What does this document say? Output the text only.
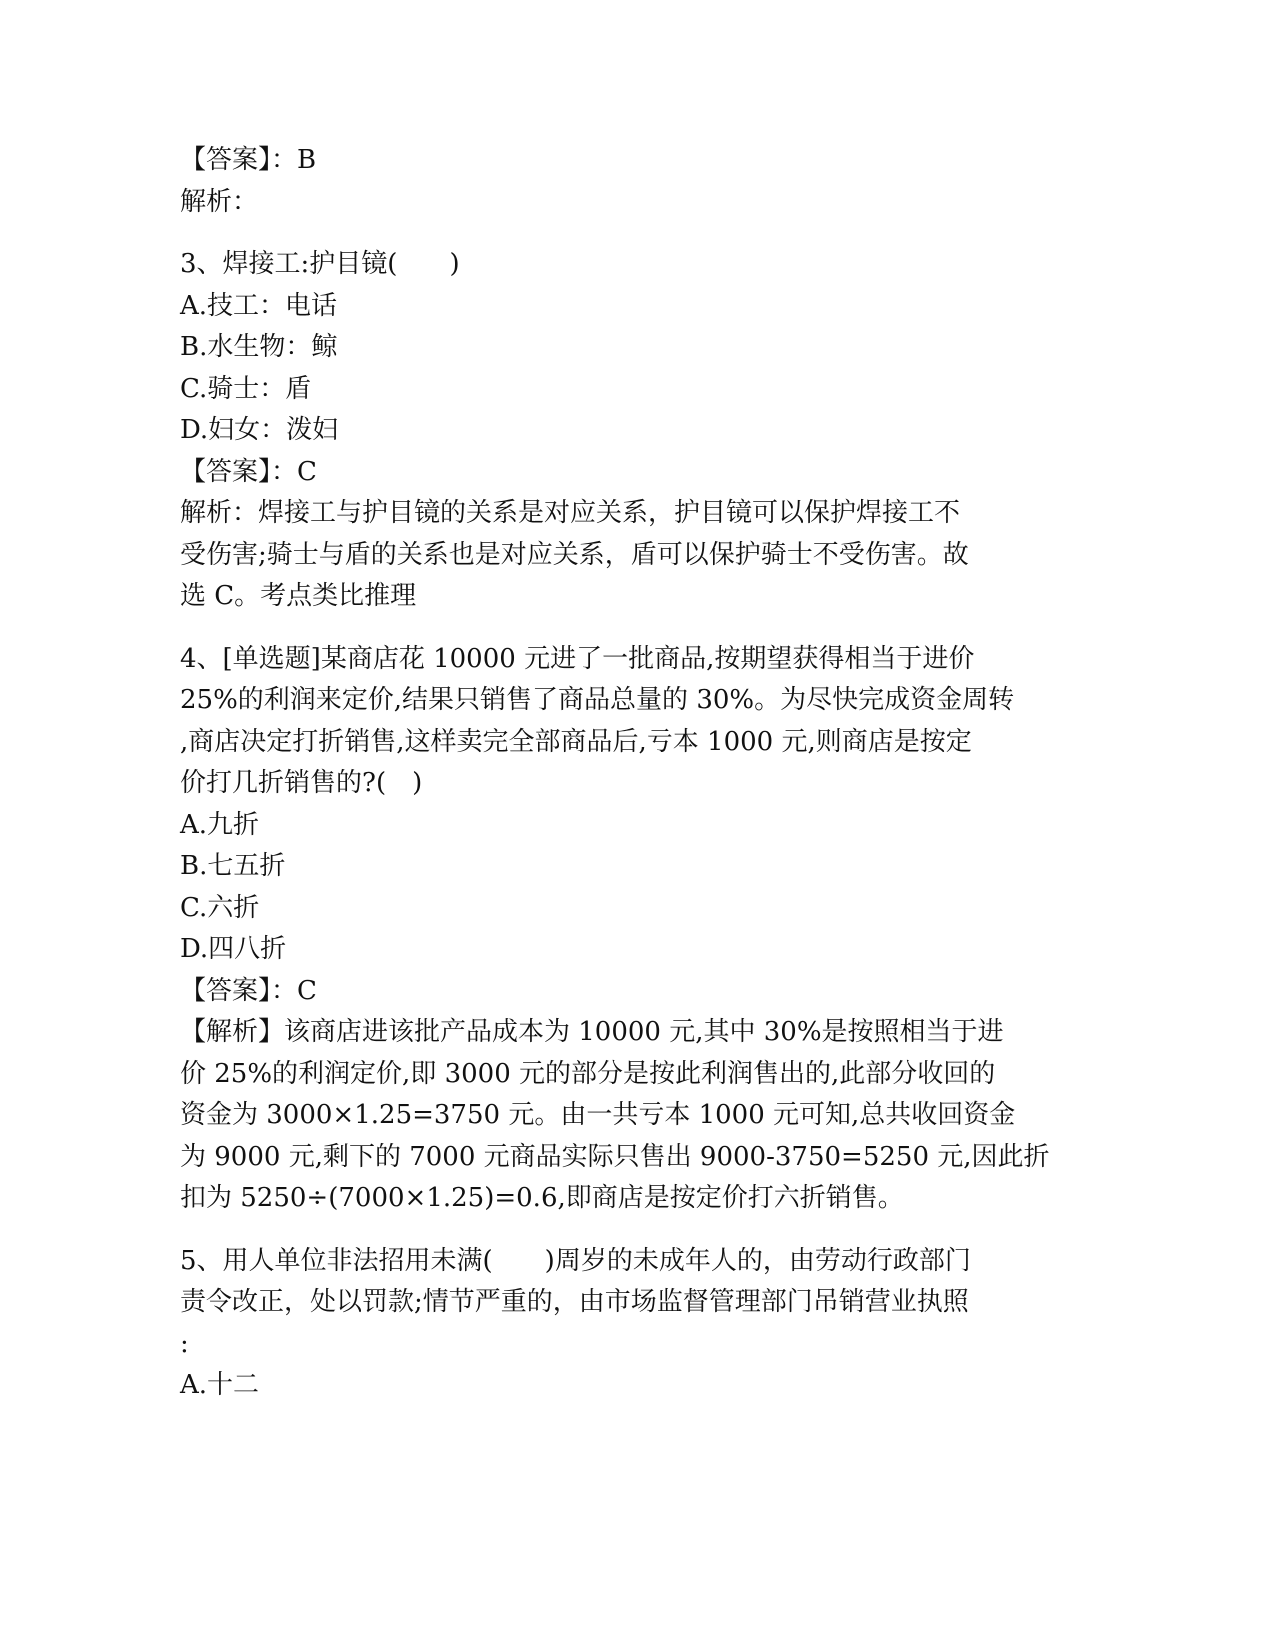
【答案】：B
解析：
3、焊接工:护目镜(　　)
A.技工：电话
B.水生物：鲸
C.骑士：盾
D.妇女：泼妇
【答案】：C
解析：焊接工与护目镜的关系是对应关系，护目镜可以保护焊接工不
受伤害;骑士与盾的关系也是对应关系，盾可以保护骑士不受伤害。故
选 C。考点类比推理
4、[单选题]某商店花 10000 元进了一批商品,按期望获得相当于进价
25%的利润来定价,结果只销售了商品总量的 30%。为尽快完成资金周转
,商店决定打折销售,这样卖完全部商品后,亏本 1000 元,则商店是按定
价打几折销售的?(　)
A.九折
B.七五折
C.六折
D.四八折
【答案】：C
【解析】该商店进该批产品成本为 10000 元,其中 30%是按照相当于进
价 25%的利润定价,即 3000 元的部分是按此利润售出的,此部分收回的
资金为 3000×1.25=3750 元。由一共亏本 1000 元可知,总共收回资金
为 9000 元,剩下的 7000 元商品实际只售出 9000-3750=5250 元,因此折
扣为 5250÷(7000×1.25)=0.6,即商店是按定价打六折销售。
5、用人单位非法招用未满(　　)周岁的未成年人的，由劳动行政部门
责令改正，处以罚款;情节严重的，由市场监督管理部门吊销营业执照
:
A.十二
